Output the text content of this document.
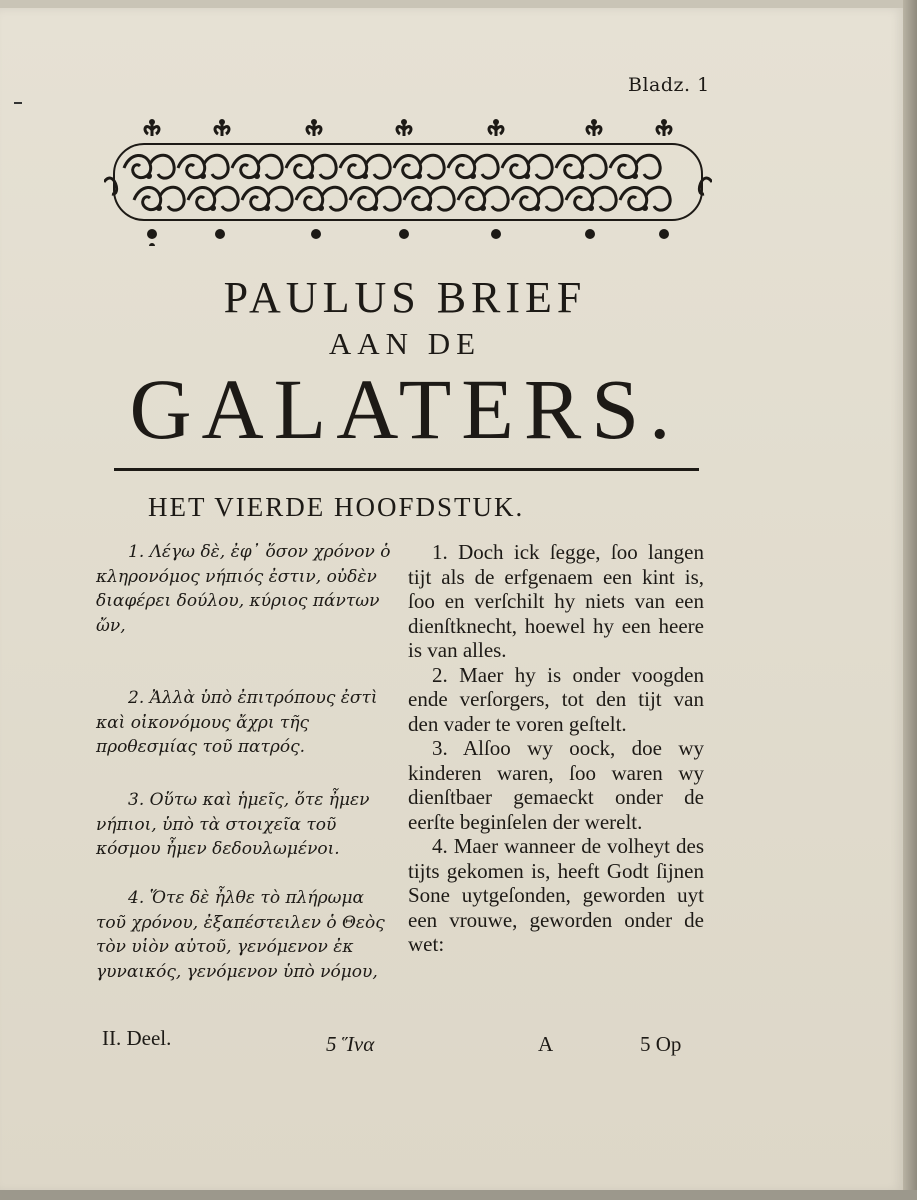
Bladz. 1
PAULUS BRIEF
AAN DE
GALATERS.
HET VIERDE HOOFDSTUK.

1. Λέγω δὲ, ἐφ᾽ ὅσον χρόνον ὁ κληρονόμος νήπιός ἐστιν, οὐδὲν διαφέρει δούλου, κύριος πάντων ὤν,

2. Ἀλλὰ ὑπὸ ἐπιτρόπους ἐστὶ καὶ οἰκονόμους ἄχρι τῆς προθεσμίας τοῦ πατρός.

3. Οὕτω καὶ ἡμεῖς, ὅτε ἦμεν νήπιοι, ὑπὸ τὰ στοιχεῖα τοῦ κόσμου ἦμεν δεδουλωμένοι.

4. Ὅτε δὲ ἦλθε τὸ πλήρωμα τοῦ χρόνου, ἐξαπέστειλεν ὁ Θεὸς τὸν υἱὸν αὐτοῦ, γενόμενον ἐκ γυναικός, γενόμενον ὑπὸ νόμου,

1. Doch ick ſegge, ſoo langen tijt als de erfgenaem een kint is, ſoo en verſchilt hy niets van een dienſtknecht, hoewel hy een heere is van alles.

2. Maer hy is onder voogden ende verſorgers, tot den tijt van den vader te voren geſtelt.

3. Alſoo wy oock, doe wy kinderen waren, ſoo waren wy dienſtbaer gemaeckt onder de eerſte beginſelen der werelt.

4. Maer wanneer de volheyt des tijts gekomen is, heeft Godt ſijnen Sone uytgeſonden, geworden uyt een vrouwe, geworden onder de wet:

II. Deel.	5 Ἵνα	A	5 Op
